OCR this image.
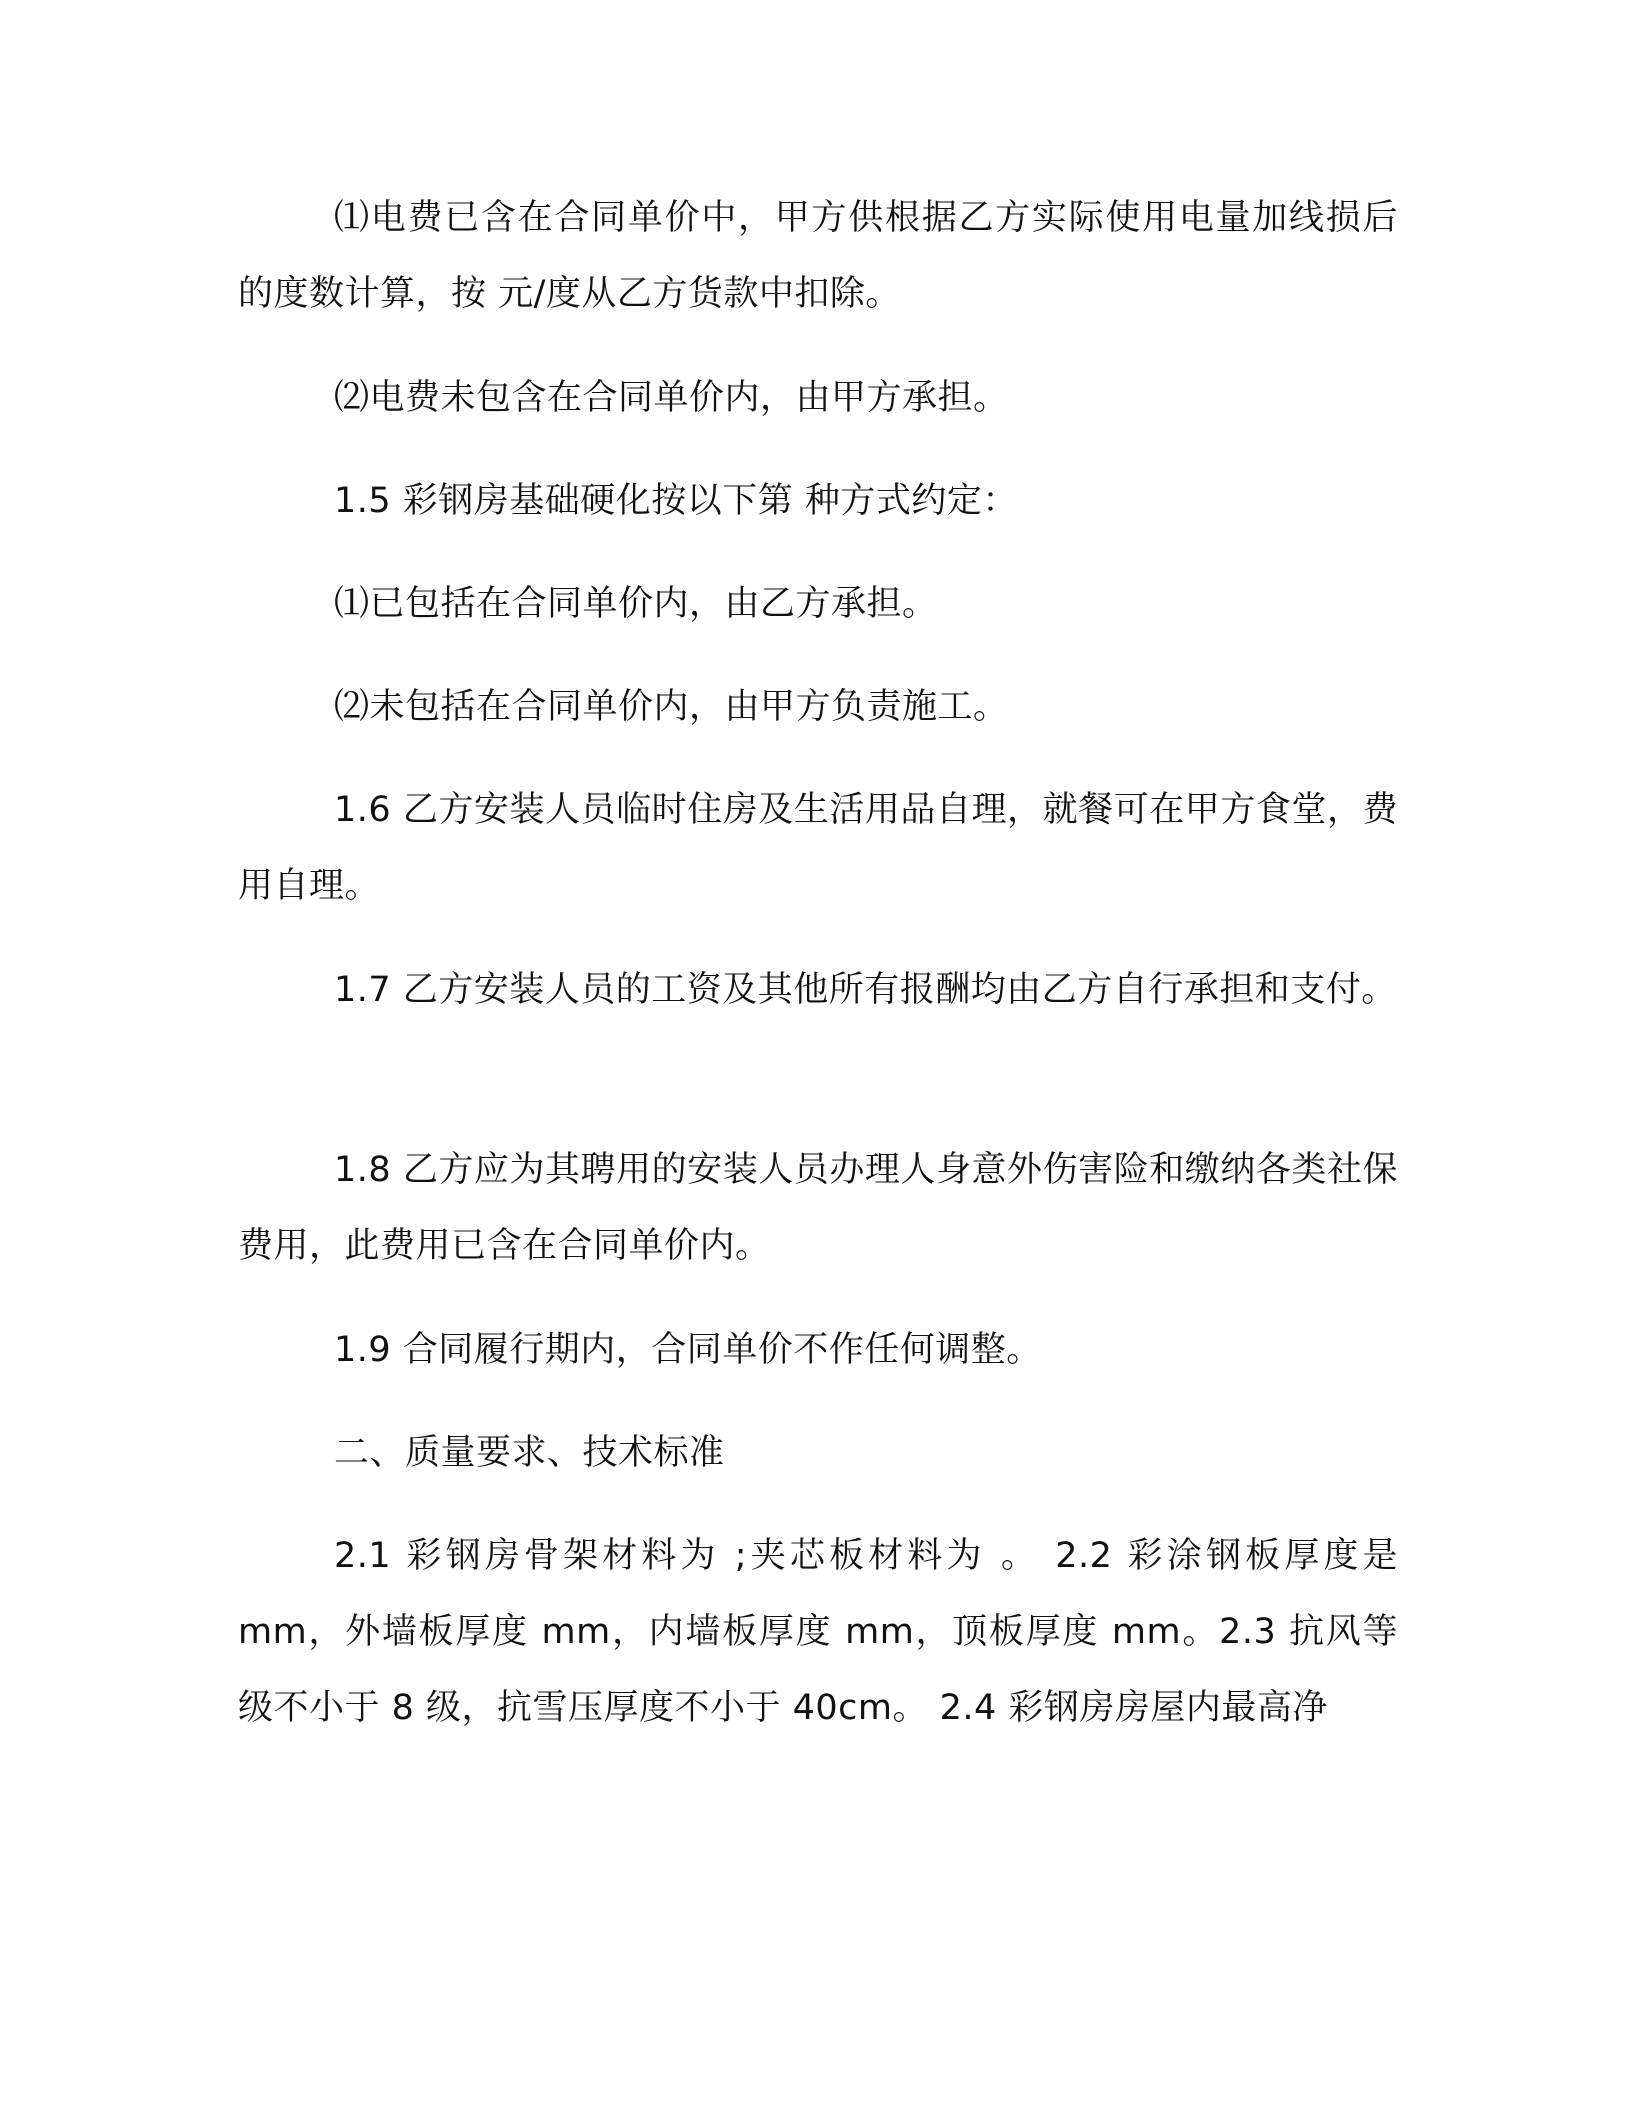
⑴电费已含在合同单价中，甲方供根据乙方实际使用电量加线损后的度数计算，按 元/度从乙方货款中扣除。

⑵电费未包含在合同单价内，由甲方承担。

1.5 彩钢房基础硬化按以下第 种方式约定：

⑴已包括在合同单价内，由乙方承担。

⑵未包括在合同单价内，由甲方负责施工。

1.6 乙方安装人员临时住房及生活用品自理，就餐可在甲方食堂，费用自理。

1.7 乙方安装人员的工资及其他所有报酬均由乙方自行承担和支付。

1.8 乙方应为其聘用的安装人员办理人身意外伤害险和缴纳各类社保费用，此费用已含在合同单价内。

1.9 合同履行期内，合同单价不作任何调整。

二、质量要求、技术标准

2.1 彩钢房骨架材料为 ;夹芯板材料为 。 2.2 彩涂钢板厚度是 mm，外墙板厚度 mm，内墙板厚度 mm，顶板厚度 mm。2.3 抗风等级不小于 8 级，抗雪压厚度不小于 40cm。 2.4 彩钢房房屋内最高净
